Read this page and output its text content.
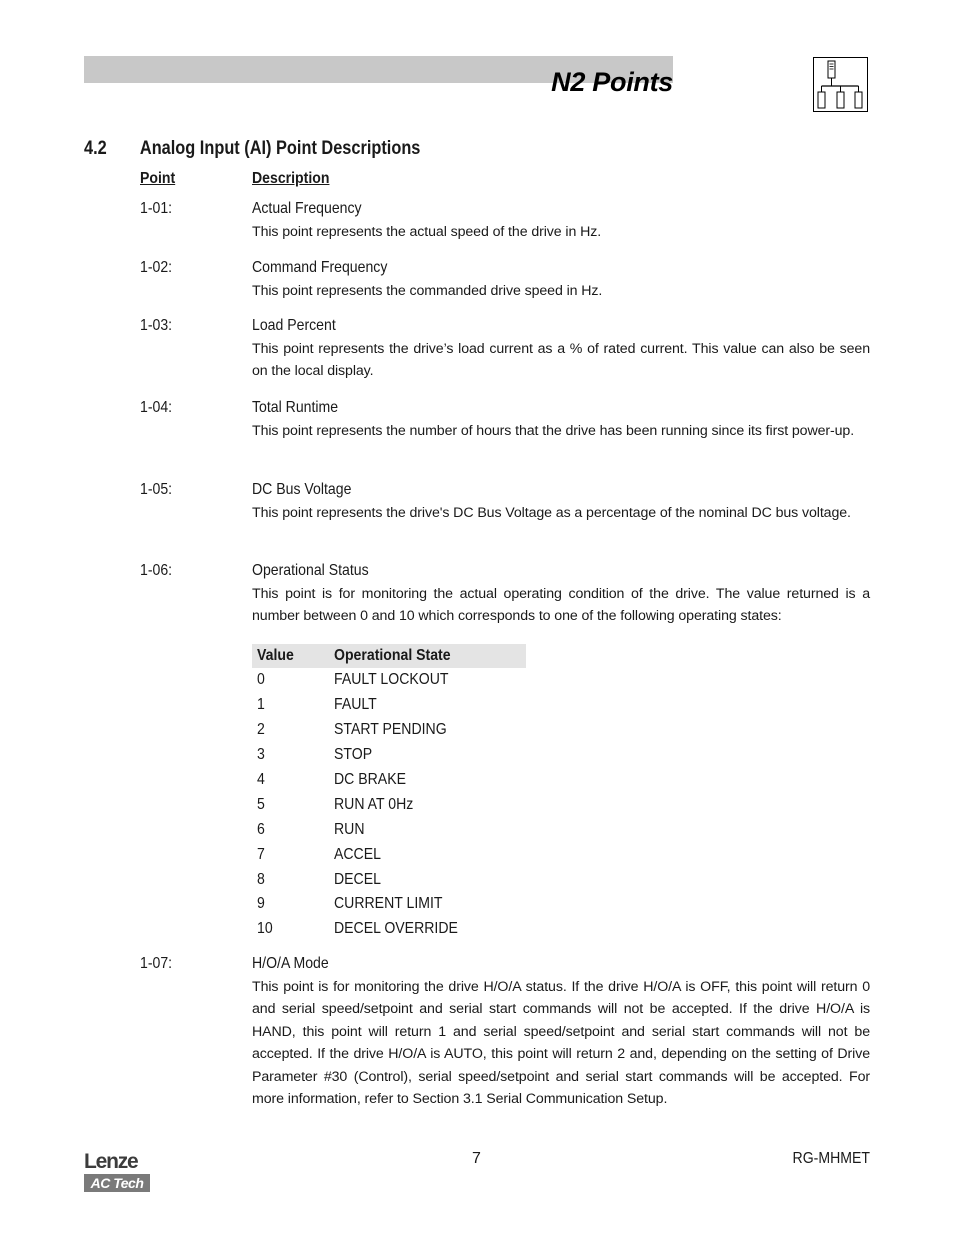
N2 Points
4.2 Analog Input (AI) Point Descriptions
Point	Description
1-01:	Actual Frequency
This point represents the actual speed of the drive in Hz.
1-02:	Command Frequency
This point represents the commanded drive speed in Hz.
1-03:	Load Percent
This point represents the drive’s load current as a % of rated current. This value can also be seen on the local display.
1-04:	Total Runtime
This point represents the number of hours that the drive has been running since its first power-up.
1-05:	DC Bus Voltage
This point represents the drive's DC Bus Voltage as a percentage of the nominal DC bus voltage.
1-06:	Operational Status
This point is for monitoring the actual operating condition of the drive. The value returned is a number between 0 and 10 which corresponds to one of the following operating states:
Value	Operational State
0	FAULT LOCKOUT
1	FAULT
2	START PENDING
3	STOP
4	DC BRAKE
5	RUN AT 0Hz
6	RUN
7	ACCEL
8	DECEL
9	CURRENT LIMIT
10	DECEL OVERRIDE
1-07:	H/O/A Mode
This point is for monitoring the drive H/O/A status. If the drive H/O/A is OFF, this point will return 0 and serial speed/setpoint and serial start commands will not be accepted. If the drive H/O/A is HAND, this point will return 1 and serial speed/setpoint and serial start commands will not be accepted. If the drive H/O/A is AUTO, this point will return 2 and, depending on the setting of Drive Parameter #30 (Control), serial speed/setpoint and serial start commands will be accepted. For more information, refer to Section 3.1 Serial Communication Setup.
Lenze
AC Tech
7	RG-MHMET
